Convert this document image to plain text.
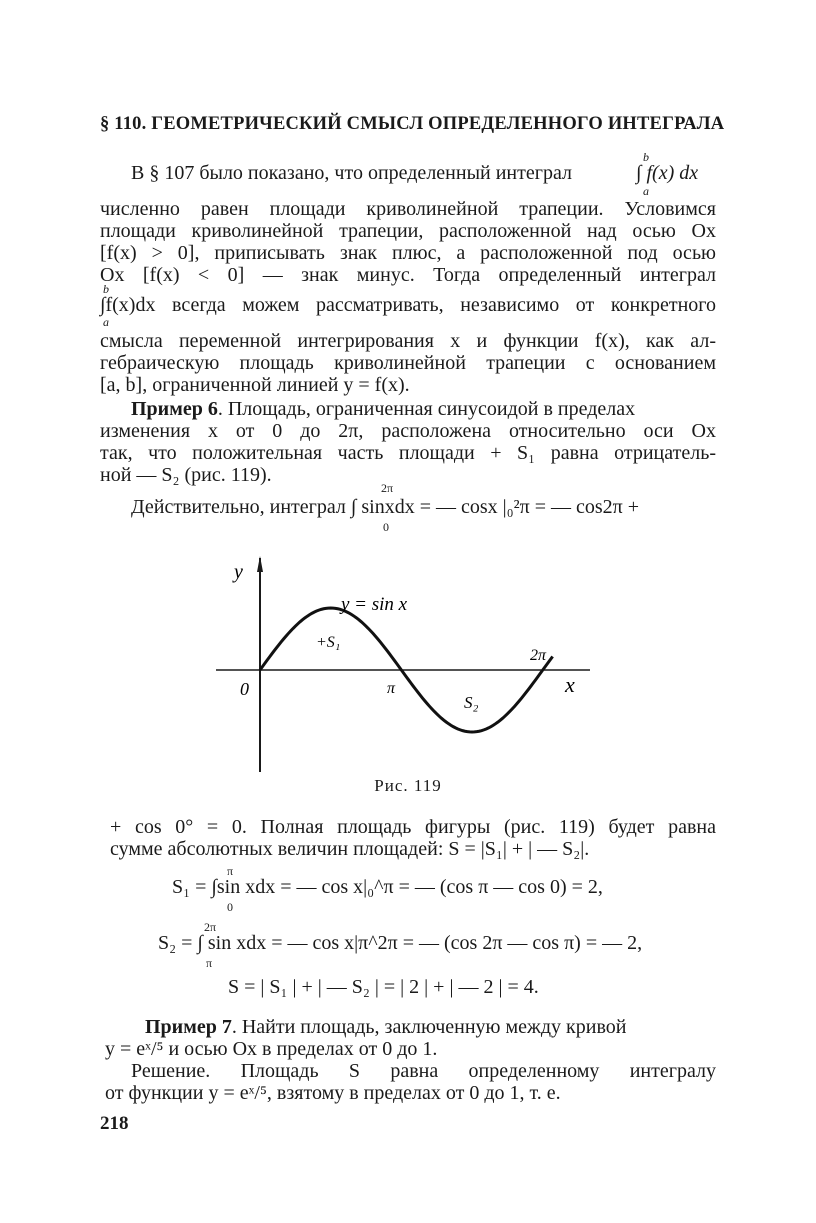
§ 110. ГЕОМЕТРИЧЕСКИЙ СМЫСЛ ОПРЕДЕЛЕННОГО ИНТЕГРАЛА
b
В § 107 было показано, что определенный интеграл	∫ f(x) dx
a
численно равен площади криволинейной трапеции. Условимся
площади криволинейной трапеции, расположенной над осью Ox
[f(x) > 0], приписывать знак плюс, а расположенной под осью
Ox [f(x) < 0] — знак минус. Тогда определенный интеграл
b
∫f(x)dx всегда можем рассматривать, независимо от конкретного
a
смысла переменной интегрирования x и функции f(x), как ал-
гебраическую площадь криволинейной трапеции с основанием
[a, b], ограниченной линией y = f(x).
Пример 6. Площадь, ограниченная синусоидой в пределах
изменения x от 0 до 2π, расположена относительно оси Ox
так, что положительная часть площади + S₁ равна отрицатель-
ной — S₂ (рис. 119).
2π
Действительно, интеграл ∫ sinxdx = — cosx |₀²π = — cos2π +
0
y
x
0
y = sin x
+S₁
S₂
π
2π
Рис. 119
+ cos 0° = 0. Полная площадь фигуры (рис. 119) будет равна
сумме абсолютных величин площадей: S = |S₁| + | — S₂|.
π
S₁ = ∫sin xdx = — cos x|₀^π = — (cos π — cos 0) = 2,
0
2π
S₂ = ∫ sin xdx = — cos x|π^2π = — (cos 2π — cos π) = — 2,
π
S = | S₁ | + | — S₂ | = | 2 | + | — 2 | = 4.
Пример 7. Найти площадь, заключенную между кривой
y = eˣ/⁵ и осью Ox в пределах от 0 до 1.
Решение. Площадь S равна определенному интегралу
от функции y = eˣ/⁵, взятому в пределах от 0 до 1, т. е.
218
